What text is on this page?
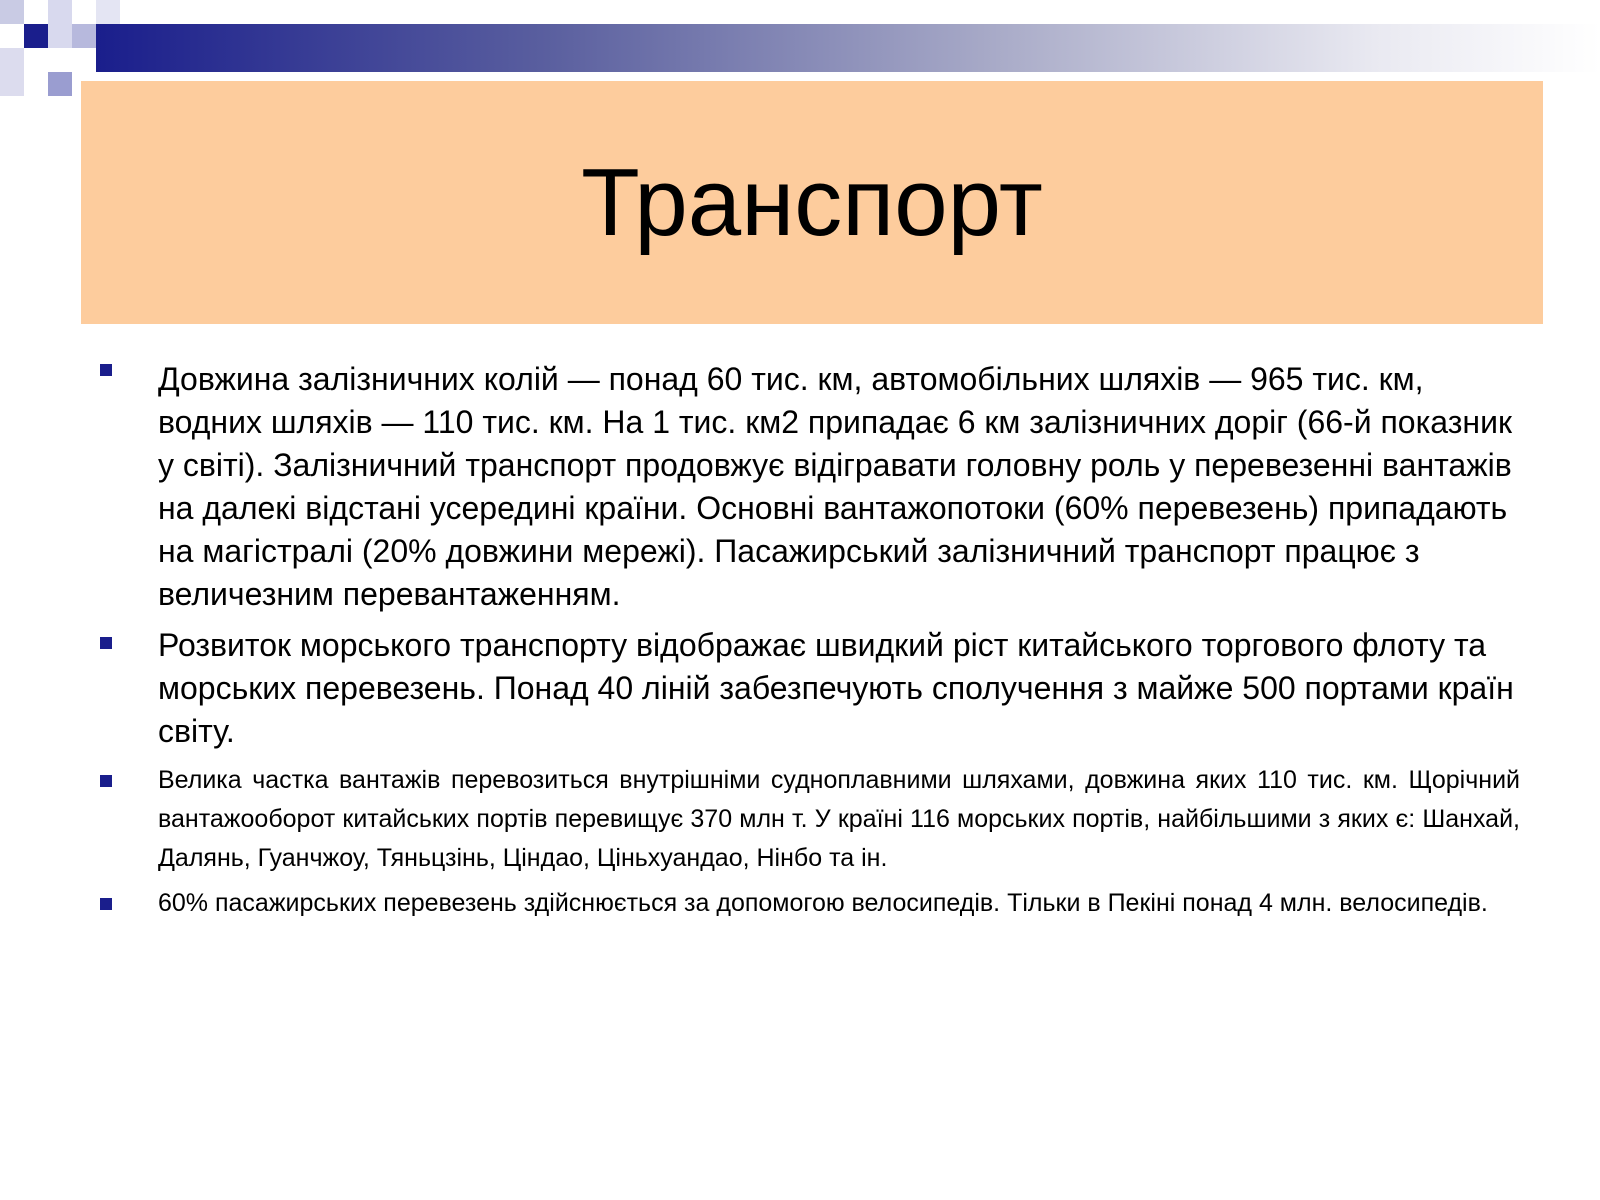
Транспорт
Довжина залізничних колій — понад 60 тис. км, автомобільних шляхів — 965 тис. км, водних шляхів — 110 тис. км. На 1 тис. км2 припадає 6 км залізничних доріг (66-й показник у світі). Залізничний транспорт продовжує відігравати головну роль у перевезенні вантажів на далекі відстані усередині країни. Основні вантажопотоки (60% перевезень) припадають на магістралі (20% довжини мережі). Пасажирський залізничний транспорт працює з величезним перевантаженням.
Розвиток морського транспорту відображає швидкий ріст китайського торгового флоту та морських перевезень. Понад 40 ліній забезпечують сполучення з майже 500 портами країн світу.
Велика частка вантажів перевозиться внутрішніми судноплавними шляхами, довжина яких 110 тис. км. Щорічний вантажооборот китайських портів перевищує 370 млн т. У країні 116 морських портів, найбільшими з яких є: Шанхай, Далянь, Гуанчжоу, Тяньцзінь, Ціндао, Ціньхуандао, Нінбо та ін.
60% пасажирських перевезень здійснюється за допомогою велосипедів. Тільки в Пекіні понад 4 млн. велосипедів.
